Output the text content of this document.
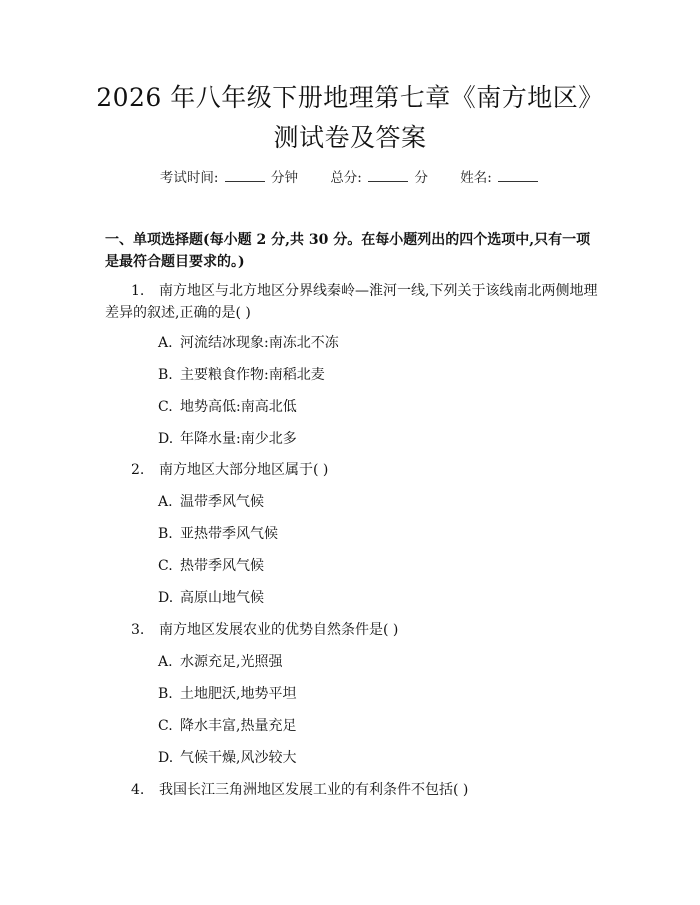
2026 年八年级下册地理第七章《南方地区》
测试卷及答案
考试时间:	分钟 总分:	分 姓名:
一、单项选择题(每小题 2 分,共 30 分。在每小题列出的四个选项中,只有一项
是最符合题目要求的。)
1. 南方地区与北方地区分界线秦岭—淮河一线,下列关于该线南北两侧地理
差异的叙述,正确的是( )
A. 河流结冰现象:南冻北不冻
B. 主要粮食作物:南稻北麦
C. 地势高低:南高北低
D. 年降水量:南少北多
2. 南方地区大部分地区属于( )
A. 温带季风气候
B. 亚热带季风气候
C. 热带季风气候
D. 高原山地气候
3. 南方地区发展农业的优势自然条件是( )
A. 水源充足,光照强
B. 土地肥沃,地势平坦
C. 降水丰富,热量充足
D. 气候干燥,风沙较大
4. 我国长江三角洲地区发展工业的有利条件不包括( )
